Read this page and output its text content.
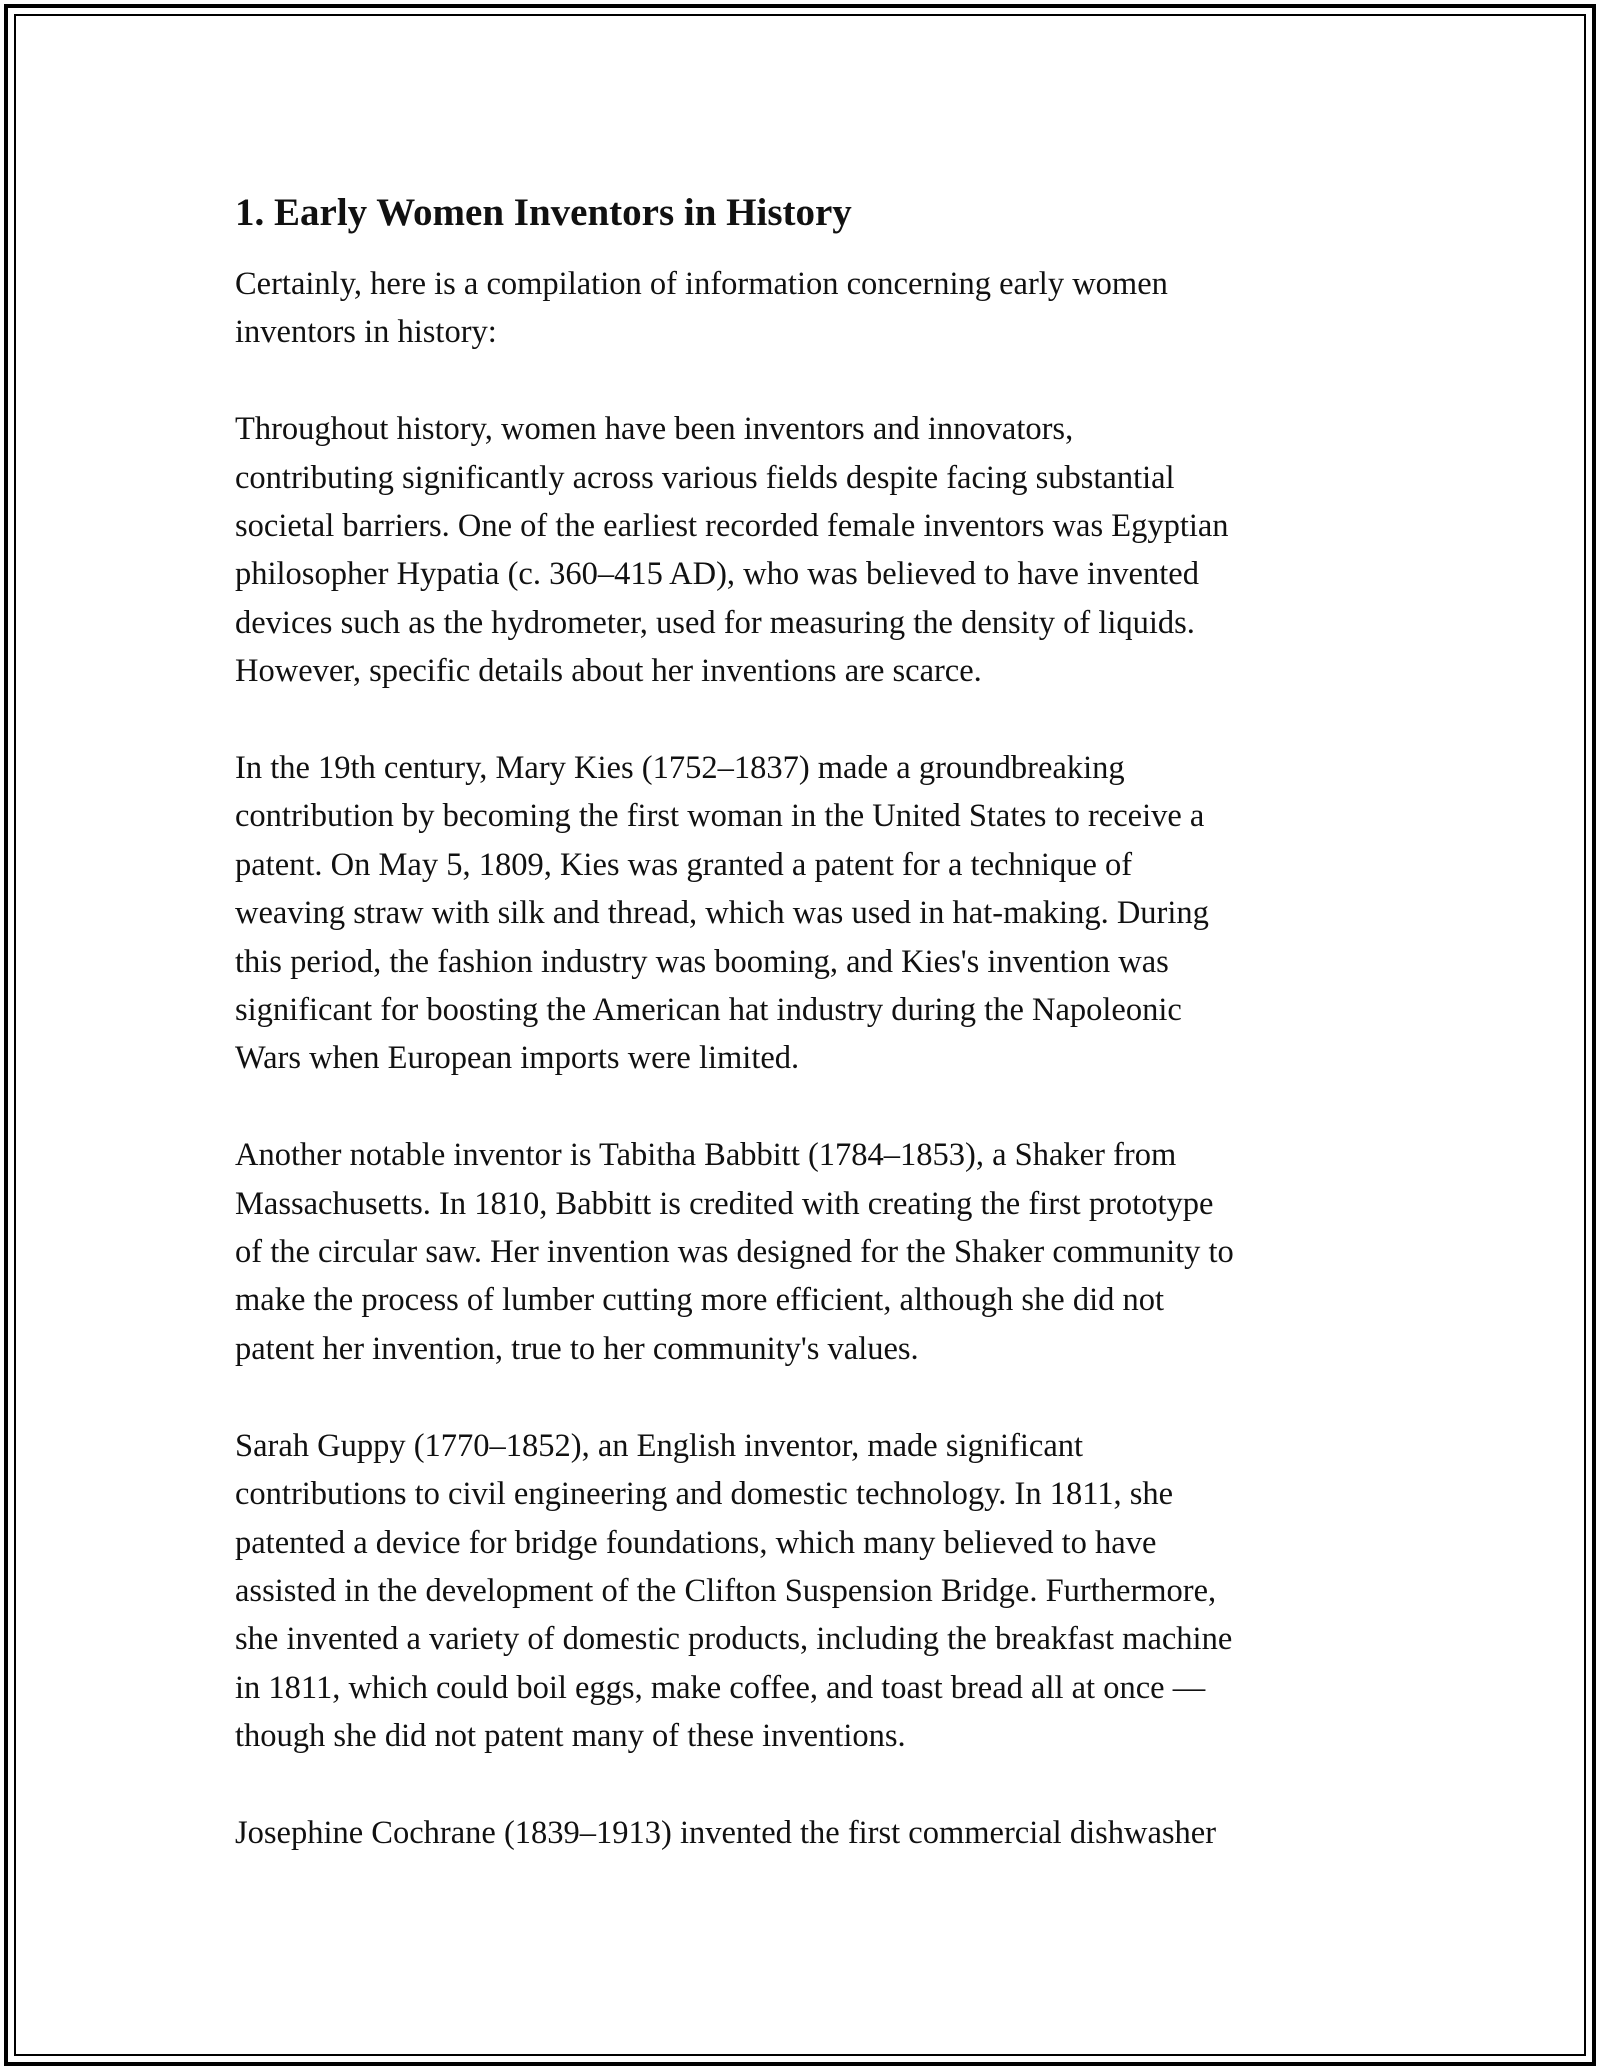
1. Early Women Inventors in History

Certainly, here is a compilation of information concerning early women
inventors in history:

Throughout history, women have been inventors and innovators,
contributing significantly across various fields despite facing substantial
societal barriers. One of the earliest recorded female inventors was Egyptian
philosopher Hypatia (c. 360–415 AD), who was believed to have invented
devices such as the hydrometer, used for measuring the density of liquids.
However, specific details about her inventions are scarce.

In the 19th century, Mary Kies (1752–1837) made a groundbreaking
contribution by becoming the first woman in the United States to receive a
patent. On May 5, 1809, Kies was granted a patent for a technique of
weaving straw with silk and thread, which was used in hat-making. During
this period, the fashion industry was booming, and Kies's invention was
significant for boosting the American hat industry during the Napoleonic
Wars when European imports were limited.

Another notable inventor is Tabitha Babbitt (1784–1853), a Shaker from
Massachusetts. In 1810, Babbitt is credited with creating the first prototype
of the circular saw. Her invention was designed for the Shaker community to
make the process of lumber cutting more efficient, although she did not
patent her invention, true to her community's values.

Sarah Guppy (1770–1852), an English inventor, made significant
contributions to civil engineering and domestic technology. In 1811, she
patented a device for bridge foundations, which many believed to have
assisted in the development of the Clifton Suspension Bridge. Furthermore,
she invented a variety of domestic products, including the breakfast machine
in 1811, which could boil eggs, make coffee, and toast bread all at once —
though she did not patent many of these inventions.

Josephine Cochrane (1839–1913) invented the first commercial dishwasher
